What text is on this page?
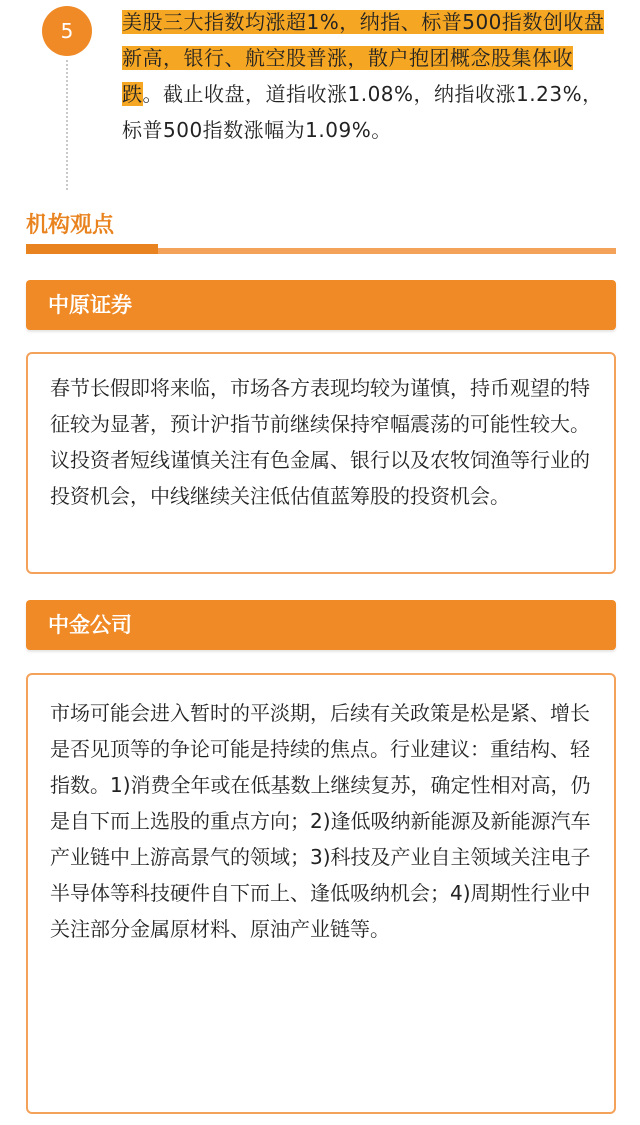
5	美股三大指数均涨超1%，纳指、标普500指数创收盘新高，银行、航空股普涨，散户抱团概念股集体收跌。截止收盘，道指收涨1.08%，纳指收涨1.23%，标普500指数涨幅为1.09%。

机构观点
中原证券

春节长假即将来临，市场各方表现均较为谨慎，持币观望的特征较为显著，预计沪指节前继续保持窄幅震荡的可能性较大。议投资者短线谨慎关注有色金属、银行以及农牧饲渔等行业的投资机会，中线继续关注低估值蓝筹股的投资机会。

中金公司

市场可能会进入暂时的平淡期，后续有关政策是松是紧、增长是否见顶等的争论可能是持续的焦点。行业建议：重结构、轻指数。1)消费全年或在低基数上继续复苏，确定性相对高，仍是自下而上选股的重点方向；2)逢低吸纳新能源及新能源汽车产业链中上游高景气的领域；3)科技及产业自主领域关注电子半导体等科技硬件自下而上、逢低吸纳机会；4)周期性行业中关注部分金属原材料、原油产业链等。
